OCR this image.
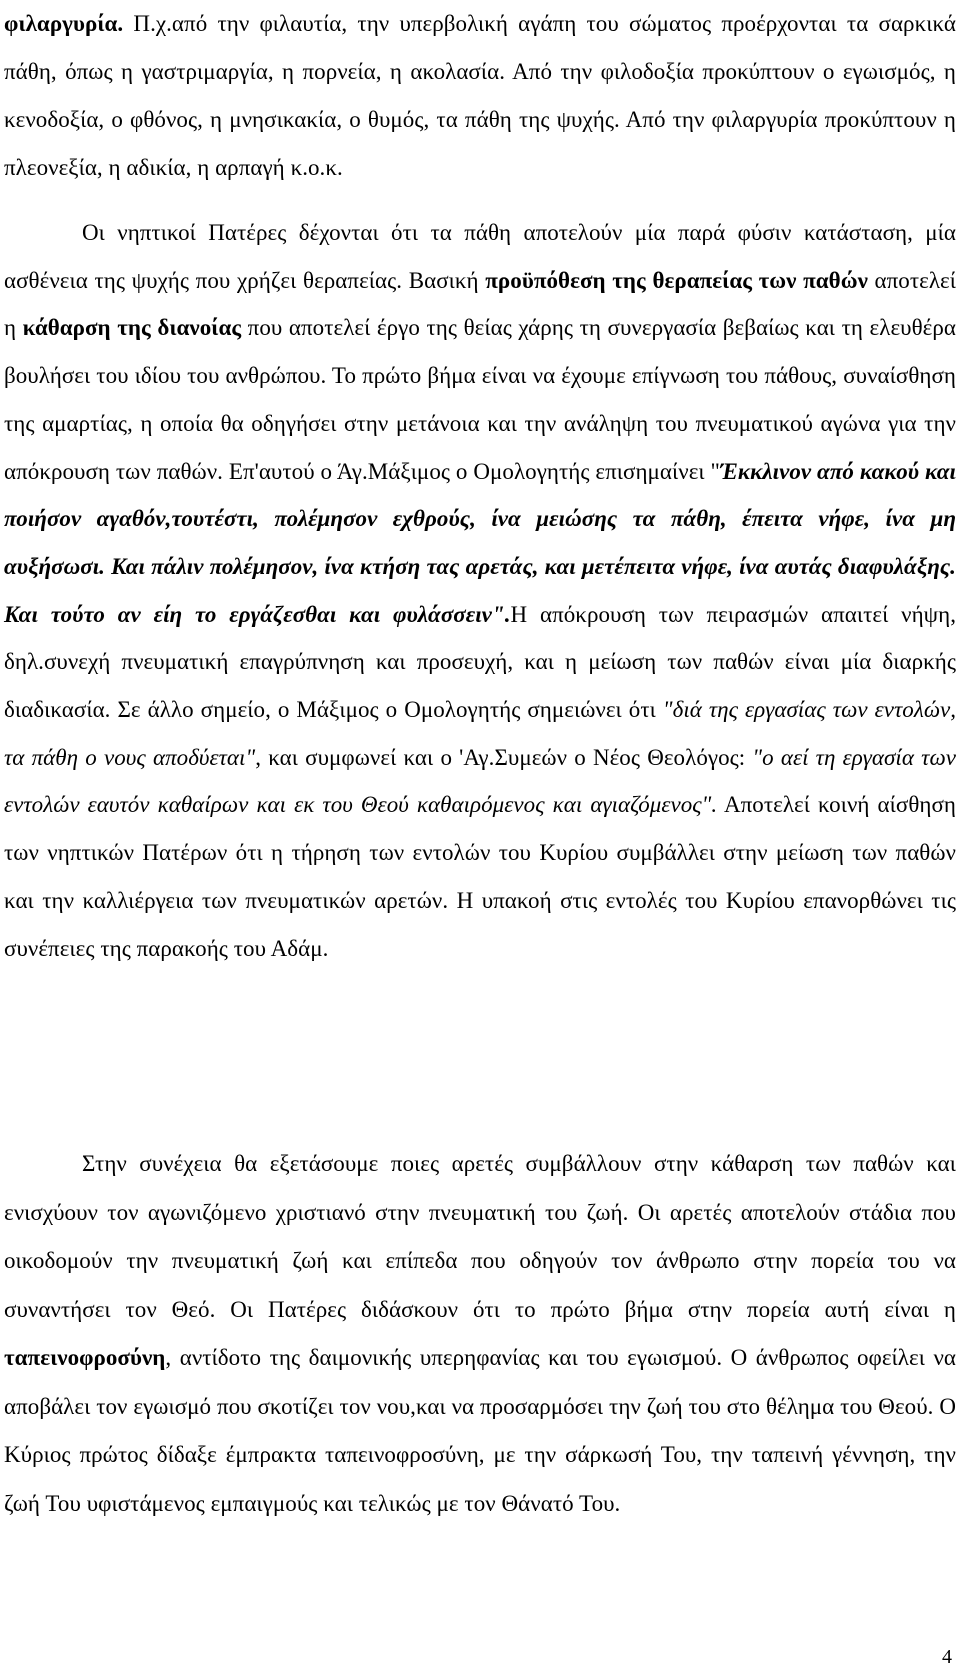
φιλαργυρία. Π.χ.από την φιλαυτία, την υπερβολική αγάπη του σώματος προέρχονται τα σαρκικά πάθη, όπως η γαστριμαργία, η πορνεία, η ακολασία. Από την φιλοδοξία προκύπτουν ο εγωισμός, η κενοδοξία, ο φθόνος, η μνησικακία, ο θυμός, τα πάθη της ψυχής. Από την φιλαργυρία προκύπτουν η πλεονεξία, η αδικία, η αρπαγή κ.ο.κ.

Οι νηπτικοί Πατέρες δέχονται ότι τα πάθη αποτελούν μία παρά φύσιν κατάσταση, μία ασθένεια της ψυχής που χρήζει θεραπείας. Βασική προϋπόθεση της θεραπείας των παθών αποτελεί η κάθαρση της διανοίας που αποτελεί έργο της θείας χάρης τη συνεργασία βεβαίως και τη ελευθέρα βουλήσει του ιδίου του ανθρώπου. Το πρώτο βήμα είναι να έχουμε επίγνωση του πάθους, συναίσθηση της αμαρτίας, η οποία θα οδηγήσει στην μετάνοια και την ανάληψη του πνευματικού αγώνα για την απόκρουση των παθών. Επ'αυτού ο Άγ.Μάξιμος ο Ομολογητής επισημαίνει "Έκκλινον από κακού και ποιήσον αγαθόν,τουτέστι, πολέμησον εχθρούς, ίνα μειώσης τα πάθη, έπειτα νήφε, ίνα μη αυξήσωσι. Και πάλιν πολέμησον, ίνα κτήση τας αρετάς, και μετέπειτα νήφε, ίνα αυτάς διαφυλάξης. Και τούτο αν είη το εργάζεσθαι και φυλάσσειν".Η απόκρουση των πειρασμών απαιτεί νήψη, δηλ.συνεχή πνευματική επαγρύπνηση και προσευχή, και η μείωση των παθών είναι μία διαρκής διαδικασία. Σε άλλο σημείο, ο Μάξιμος ο Ομολογητής σημειώνει ότι "διά της εργασίας των εντολών, τα πάθη ο νους αποδύεται", και συμφωνεί και ο 'Αγ.Συμεών ο Νέος Θεολόγος: "ο αεί τη εργασία των εντολών εαυτόν καθαίρων και εκ του Θεού καθαιρόμενος και αγιαζόμενος". Αποτελεί κοινή αίσθηση των νηπτικών Πατέρων ότι η τήρηση των εντολών του Κυρίου συμβάλλει στην μείωση των παθών και την καλλιέργεια των πνευματικών αρετών. Η υπακοή στις εντολές του Κυρίου επανορθώνει τις συνέπειες της παρακοής του Αδάμ.

Στην συνέχεια θα εξετάσουμε ποιες αρετές συμβάλλουν στην κάθαρση των παθών και ενισχύουν τον αγωνιζόμενο χριστιανό στην πνευματική του ζωή. Οι αρετές αποτελούν στάδια που οικοδομούν την πνευματική ζωή και επίπεδα που οδηγούν τον άνθρωπο στην πορεία του να συναντήσει τον Θεό. Οι Πατέρες διδάσκουν ότι το πρώτο βήμα στην πορεία αυτή είναι η ταπεινοφροσύνη, αντίδοτο της δαιμονικής υπερηφανίας και του εγωισμού. Ο άνθρωπος οφείλει να αποβάλει τον εγωισμό που σκοτίζει τον νου,και να προσαρμόσει την ζωή του στο θέλημα του Θεού. Ο Κύριος πρώτος δίδαξε έμπρακτα ταπεινοφροσύνη, με την σάρκωσή Του, την ταπεινή γέννηση, την ζωή Του υφιστάμενος εμπαιγμούς και τελικώς με τον Θάνατό Του.

4
